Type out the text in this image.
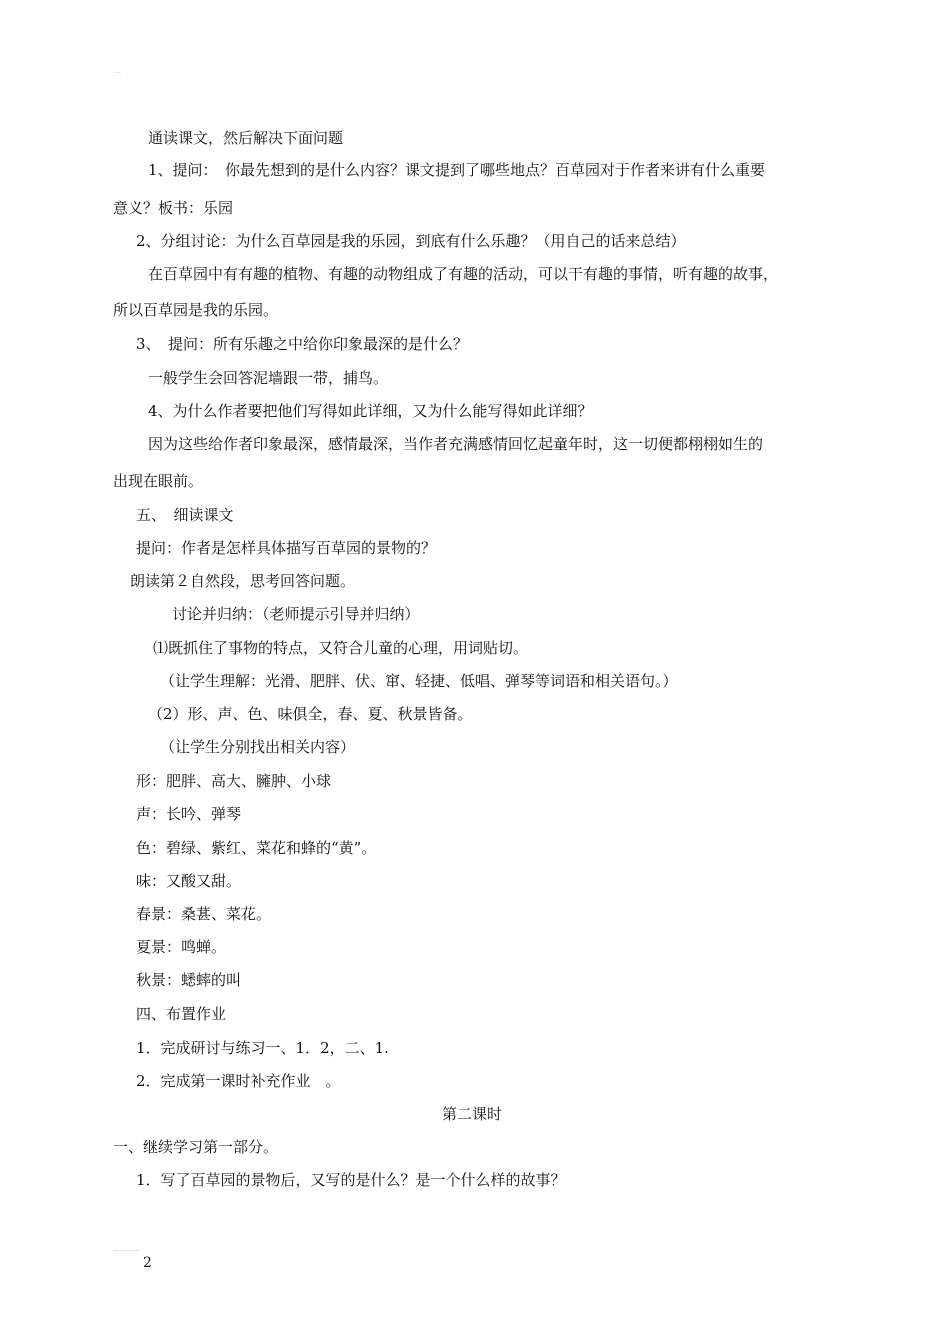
通读课文，然后解决下面问题
1、提问：　你最先想到的是什么内容？课文提到了哪些地点？百草园对于作者来讲有什么重要
意义？板书：乐园
2、分组讨论：为什么百草园是我的乐园，到底有什么乐趣？（用自己的话来总结）
在百草园中有有趣的植物、有趣的动物组成了有趣的活动，可以干有趣的事情，听有趣的故事，
所以百草园是我的乐园。
3、　提问：所有乐趣之中给你印象最深的是什么？
一般学生会回答泥墙跟一带，捕鸟。
4、为什么作者要把他们写得如此详细，又为什么能写得如此详细？
因为这些给作者印象最深，感情最深，当作者充满感情回忆起童年时，这一切便都栩栩如生的
出现在眼前。
五、　细读课文
提问：作者是怎样具体描写百草园的景物的？
朗读第２自然段，思考回答问题。
讨论并归纳：（老师提示引导并归纳）
⑴既抓住了事物的特点，又符合儿童的心理，用词贴切。
（让学生理解：光滑、肥胖、伏、窜、轻捷、低唱、弹琴等词语和相关语句。）
（2）形、声、色、味俱全，春、夏、秋景皆备。
（让学生分别找出相关内容）
形：肥胖、高大、臃肿、小球
声：长吟、弹琴
色：碧绿、紫红、菜花和蜂的“黄”。
味：又酸又甜。
春景：桑葚、菜花。
夏景：鸣蝉。
秋景：蟋蟀的叫
四、布置作业
1．完成研讨与练习一、1．2，二、1.
2．完成第一课时补充作业　。
第二课时
一、继续学习第一部分。
1．写了百草园的景物后，又写的是什么？是一个什么样的故事？
2
